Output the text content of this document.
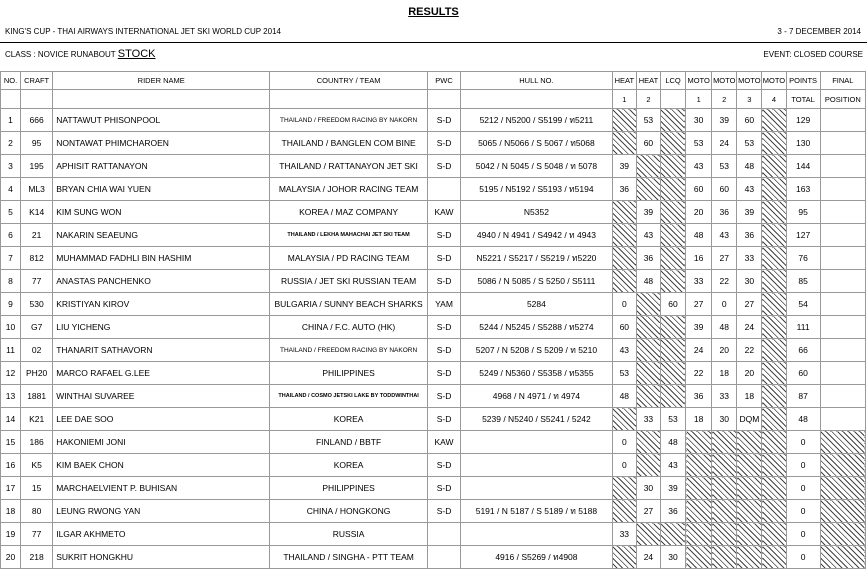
RESULTS
KING'S CUP - THAI AIRWAYS INTERNATIONAL JET SKI WORLD CUP 2014	3 - 7 DECEMBER 2014
CLASS : NOVICE RUNABOUT STOCK	EVENT: CLOSED COURSE
NO.	CRAFT	RIDER NAME	COUNTRY / TEAM	PWC	HULL NO.	HEAT	HEAT	LCQ	MOTO	MOTO	MOTO	MOTO	POINTS	FINAL
						1	2		1	2	3	4	TOTAL	POSITION
1	666	NATTAWUT PHISONPOOL	THAILAND / FREEDOM RACING BY NAKORN	S-D	5212 / N5200 / S5199 / ท5211		53		30	39	60		129	
2	95	NONTAWAT PHIMCHAROEN	THAILAND / BANGLEN COM BINE	S-D	5065 / N5066 / S 5067 / ท5068		60		53	24	53		130	
3	195	APHISIT RATTANAYON	THAILAND / RATTANAYON JET SKI	S-D	5042 / N 5045 / S 5048 / ท 5078	39			43	53	48		144	
4	ML3	BRYAN CHIA WAI YUEN	MALAYSIA / JOHOR RACING TEAM		5195 / N5192 / S5193 / ท5194	36			60	60	43		163	
5	K14	KIM SUNG WON	KOREA / MAZ COMPANY	KAW	N5352		39		20	36	39		95	
6	21	NAKARIN SEAEUNG	THAILAND / LEKHA MAHACHAI JET SKI TEAM	S-D	4940 / N 4941 / S4942 / ท 4943		43		48	43	36		127	
7	812	MUHAMMAD FADHLI BIN HASHIM	MALAYSIA / PD RACING TEAM	S-D	N5221 / S5217 / S5219 / ท5220		36		16	27	33		76	
8	77	ANASTAS PANCHENKO	RUSSIA / JET SKI RUSSIAN TEAM	S-D	5086 / N 5085 / S 5250 / S5111		48		33	22	30		85	
9	530	KRISTIYAN KIROV	BULGARIA / SUNNY BEACH SHARKS	YAM	5284	0		60	27	0	27		54	
10	G7	LIU YICHENG	CHINA / F.C. AUTO (HK)	S-D	5244 / N5245 / S5288 / ท5274	60			39	48	24		111	
11	02	THANARIT SATHAVORN	THAILAND / FREEDOM RACING BY NAKORN	S-D	5207 / N 5208 / S 5209 / ท 5210	43			24	20	22		66	
12	PH20	MARCO RAFAEL G.LEE	PHILIPPINES	S-D	5249 / N5360 / S5358 / ท5355	53			22	18	20		60	
13	1881	WINTHAI SUVAREE	THAILAND / COSMO JETSKI LAKE BY TODDWINTHAI	S-D	4968 / N 4971 / ท 4974	48			36	33	18		87	
14	K21	LEE DAE SOO	KOREA	S-D	5239 / N5240 / S5241 / 5242		33	53	18	30	DQM		48	
15	186	HAKONIEMI JONI	FINLAND / BBTF	KAW		0		48					0	
16	K5	KIM BAEK CHON	KOREA	S-D		0		43					0	
17	15	MARCHAELVIENT P. BUHISAN	PHILIPPINES	S-D			30	39					0	
18	80	LEUNG RWONG YAN	CHINA / HONGKONG	S-D	5191 / N 5187 / S 5189 / ท 5188		27	36					0	
19	77	ILGAR AKHMETO	RUSSIA			33							0	
20	218	SUKRIT HONGKHU	THAILAND / SINGHA - PTT TEAM		4916 / S5269 / ท4908		24	30					0	
